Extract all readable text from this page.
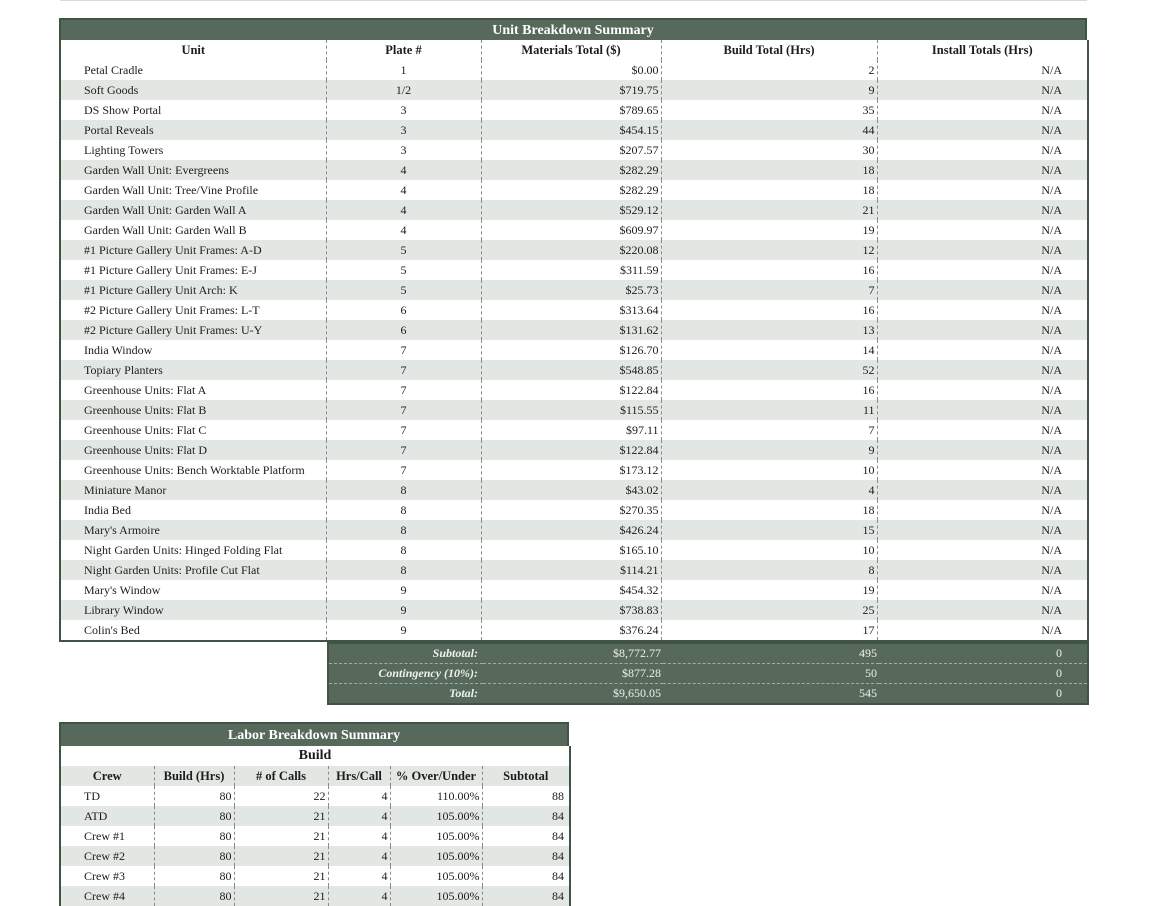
Unit Breakdown Summary
Unit	Plate #	Materials Total ($)	Build Total (Hrs)	Install Totals (Hrs)
Petal Cradle	1	$0.00	2	N/A
Soft Goods	1/2	$719.75	9	N/A
DS Show Portal	3	$789.65	35	N/A
Portal Reveals	3	$454.15	44	N/A
Lighting Towers	3	$207.57	30	N/A
Garden Wall Unit: Evergreens	4	$282.29	18	N/A
Garden Wall Unit: Tree/Vine Profile	4	$282.29	18	N/A
Garden Wall Unit: Garden Wall A	4	$529.12	21	N/A
Garden Wall Unit: Garden Wall B	4	$609.97	19	N/A
#1 Picture Gallery Unit Frames: A-D	5	$220.08	12	N/A
#1 Picture Gallery Unit Frames: E-J	5	$311.59	16	N/A
#1 Picture Gallery Unit Arch: K	5	$25.73	7	N/A
#2 Picture Gallery Unit Frames: L-T	6	$313.64	16	N/A
#2 Picture Gallery Unit Frames: U-Y	6	$131.62	13	N/A
India Window	7	$126.70	14	N/A
Topiary Planters	7	$548.85	52	N/A
Greenhouse Units: Flat A	7	$122.84	16	N/A
Greenhouse Units: Flat B	7	$115.55	11	N/A
Greenhouse Units: Flat C	7	$97.11	7	N/A
Greenhouse Units: Flat D	7	$122.84	9	N/A
Greenhouse Units: Bench Worktable Platform	7	$173.12	10	N/A
Miniature Manor	8	$43.02	4	N/A
India Bed	8	$270.35	18	N/A
Mary's Armoire	8	$426.24	15	N/A
Night Garden Units: Hinged Folding Flat	8	$165.10	10	N/A
Night Garden Units: Profile Cut Flat	8	$114.21	8	N/A
Mary's Window	9	$454.32	19	N/A
Library Window	9	$738.83	25	N/A
Colin's Bed	9	$376.24	17	N/A
Subtotal:	$8,772.77	495	0
Contingency (10%):	$877.28	50	0
Total:	$9,650.05	545	0
Labor Breakdown Summary
Build					
Crew	Build (Hrs)	# of Calls	Hrs/Call	% Over/Under	Subtotal
TD	80	22	4	110.00%	88
ATD	80	21	4	105.00%	84
Crew #1	80	21	4	105.00%	84
Crew #2	80	21	4	105.00%	84
Crew #3	80	21	4	105.00%	84
Crew #4	80	21	4	105.00%	84
